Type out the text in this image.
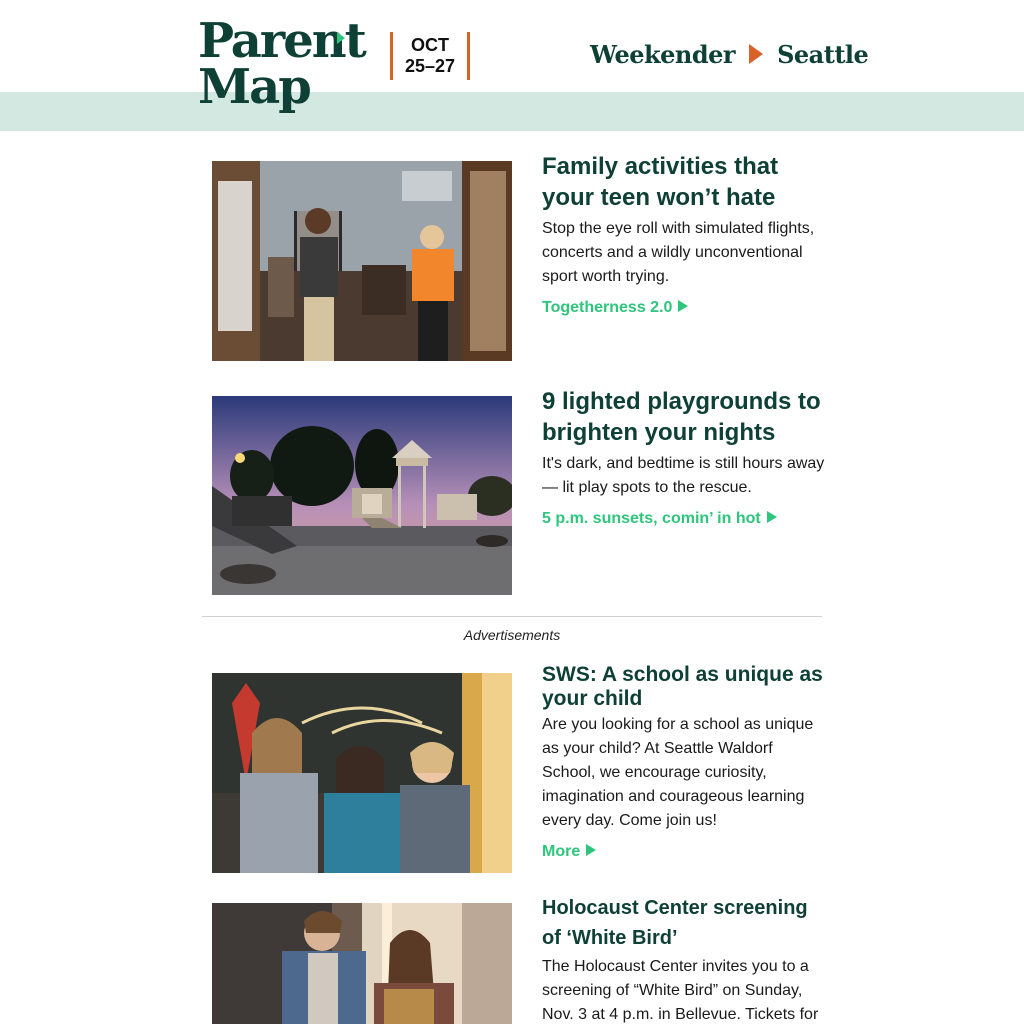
Parent
Map
OCT
25–27	Weekender Seattle
Family activities that your teen won’t hate
Stop the eye roll with simulated flights, concerts and a wildly unconventional sport worth trying.
Togetherness 2.0
9 lighted playgrounds to brighten your nights
It's dark, and bedtime is still hours away — lit play spots to the rescue.
5 p.m. sunsets, comin’ in hot
Advertisements
SWS: A school as unique as your child
Are you looking for a school as unique as your child? At Seattle Waldorf School, we encourage curiosity, imagination and courageous learning every day. Come join us!
More
Holocaust Center screening of ‘White Bird’
The Holocaust Center invites you to a screening of “White Bird” on Sunday, Nov. 3 at 4 p.m. in Bellevue. Tickets for
